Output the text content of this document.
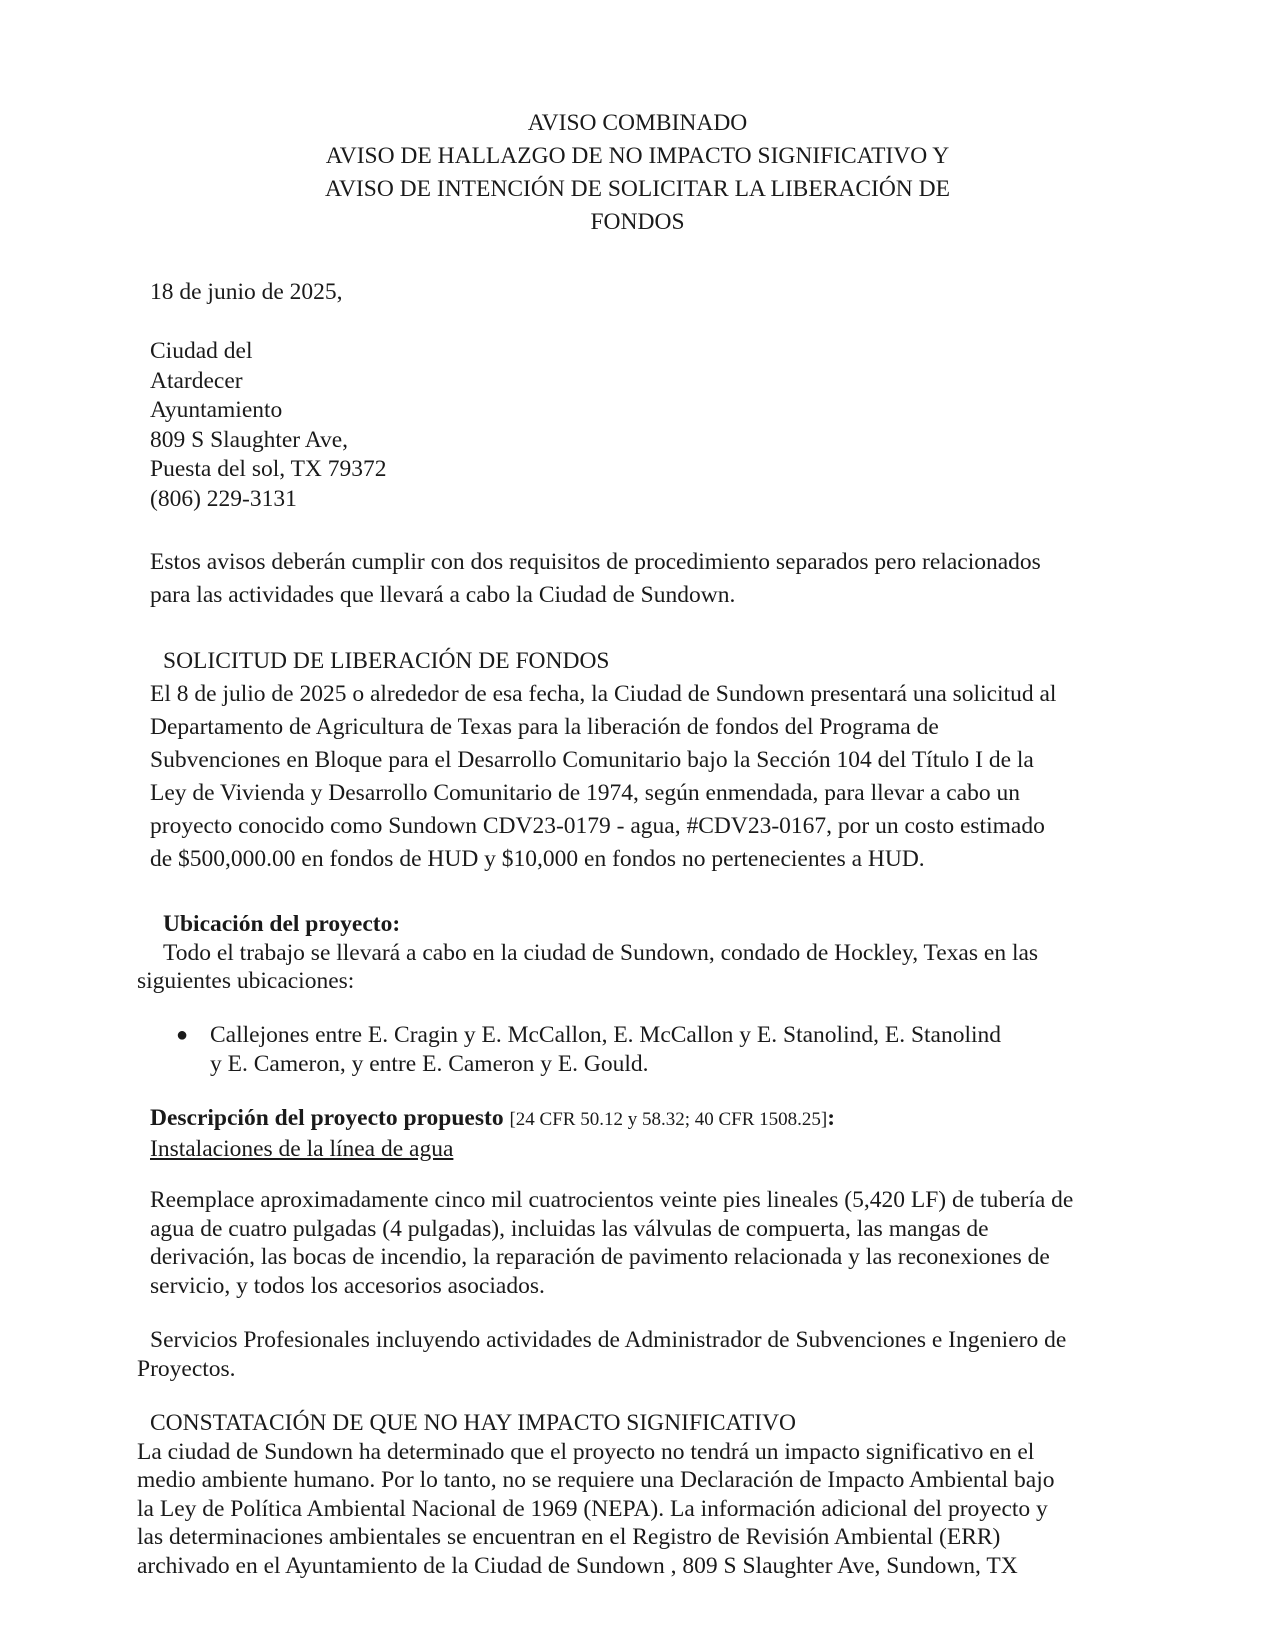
AVISO COMBINADO
AVISO DE HALLAZGO DE NO IMPACTO SIGNIFICATIVO Y
AVISO DE INTENCIÓN DE SOLICITAR LA LIBERACIÓN DE
FONDOS
18 de junio de 2025,
Ciudad del
Atardecer
Ayuntamiento
809 S Slaughter Ave,
Puesta del sol, TX 79372
(806) 229-3131
Estos avisos deberán cumplir con dos requisitos de procedimiento separados pero relacionados
para las actividades que llevará a cabo la Ciudad de Sundown.
SOLICITUD DE LIBERACIÓN DE FONDOS
El 8 de julio de 2025 o alrededor de esa fecha, la Ciudad de Sundown presentará una solicitud al
Departamento de Agricultura de Texas para la liberación de fondos del Programa de
Subvenciones en Bloque para el Desarrollo Comunitario bajo la Sección 104 del Título I de la
Ley de Vivienda y Desarrollo Comunitario de 1974, según enmendada, para llevar a cabo un
proyecto conocido como Sundown CDV23-0179 - agua, #CDV23-0167, por un costo estimado
de $500,000.00 en fondos de HUD y $10,000 en fondos no pertenecientes a HUD.
Ubicación del proyecto:
Todo el trabajo se llevará a cabo en la ciudad de Sundown, condado de Hockley, Texas en las
siguientes ubicaciones:
● Callejones entre E. Cragin y E. McCallon, E. McCallon y E. Stanolind, E. Stanolind
y E. Cameron, y entre E. Cameron y E. Gould.
Descripción del proyecto propuesto [24 CFR 50.12 y 58.32; 40 CFR 1508.25]:
Instalaciones de la línea de agua
Reemplace aproximadamente cinco mil cuatrocientos veinte pies lineales (5,420 LF) de tubería de
agua de cuatro pulgadas (4 pulgadas), incluidas las válvulas de compuerta, las mangas de
derivación, las bocas de incendio, la reparación de pavimento relacionada y las reconexiones de
servicio, y todos los accesorios asociados.
Servicios Profesionales incluyendo actividades de Administrador de Subvenciones e Ingeniero de
Proyectos.
CONSTATACIÓN DE QUE NO HAY IMPACTO SIGNIFICATIVO
La ciudad de Sundown ha determinado que el proyecto no tendrá un impacto significativo en el
medio ambiente humano. Por lo tanto, no se requiere una Declaración de Impacto Ambiental bajo
la Ley de Política Ambiental Nacional de 1969 (NEPA). La información adicional del proyecto y
las determinaciones ambientales se encuentran en el Registro de Revisión Ambiental (ERR)
archivado en el Ayuntamiento de la Ciudad de Sundown , 809 S Slaughter Ave, Sundown, TX
